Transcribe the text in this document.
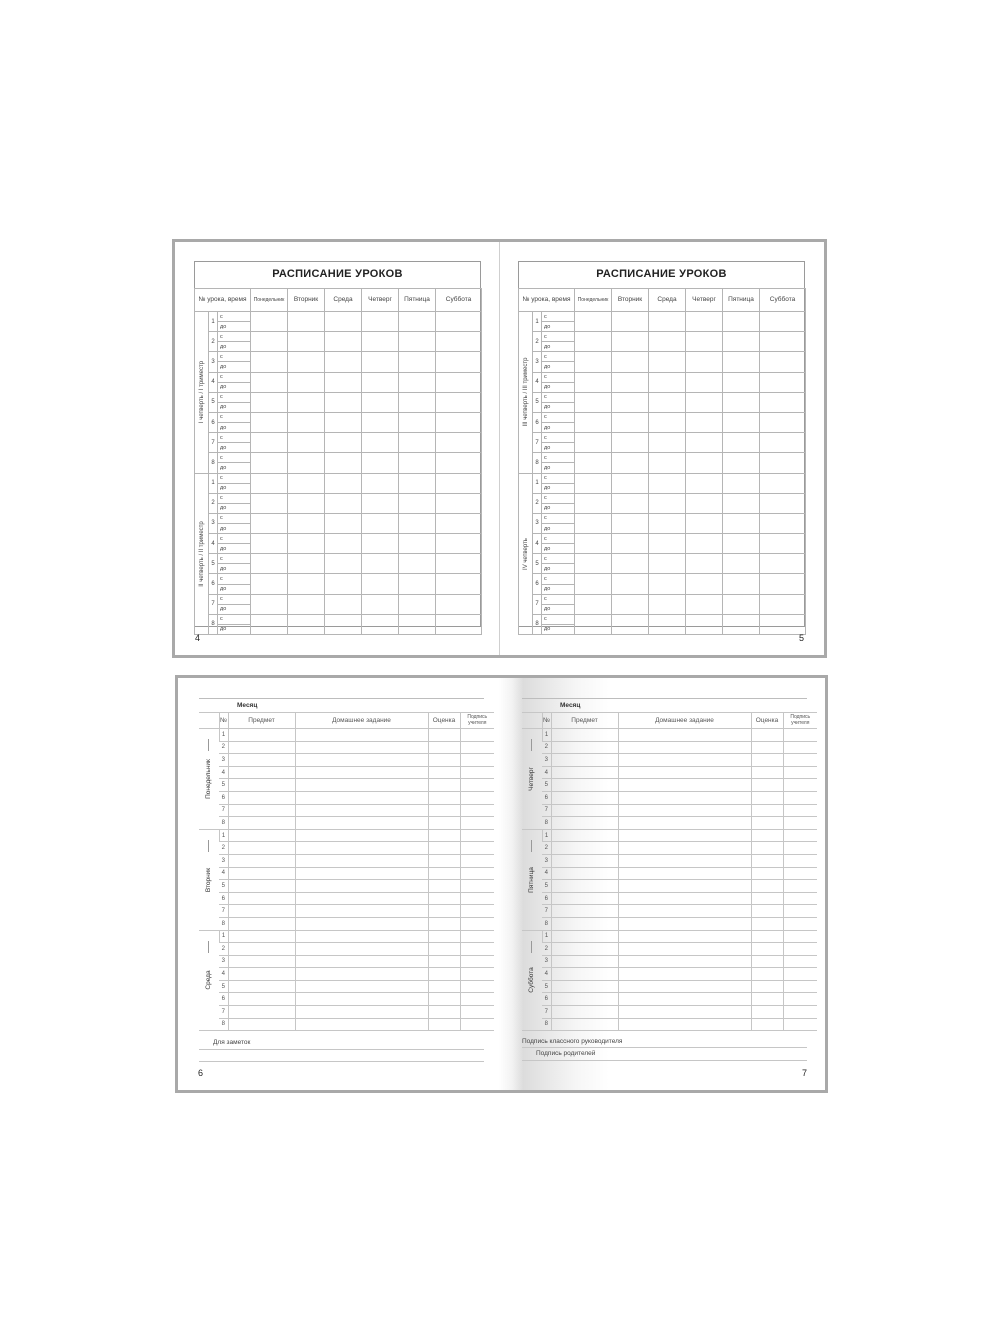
РАСПИСАНИЕ УРОКОВ
№ урока, время			Понедельник	Вторник	Среда	Четверг	Пятница	Суббота

I четверть / I триместр	1	с						
		до						
	2	с						
		до						
	3	с						
		до						
	4	с						
		до						
	5	с						
		до						
	6	с						
		до						
	7	с						
		до						
	8	с						
		до						

II четверть / II триместр	1	с						
		до						
	2	с						
		до						
	3	с						
		до						
	4	с						
		до						
	5	с						
		до						
	6	с						
		до						
	7	с						
		до						
	8	с						
		до						
4
РАСПИСАНИЕ УРОКОВ
№ урока, время			Понедельник	Вторник	Среда	Четверг	Пятница	Суббота

III четверть / III триместр	1	с						
		до						
	2	с						
		до						
	3	с						
		до						
	4	с						
		до						
	5	с						
		до						
	6	с						
		до						
	7	с						
		до						
	8	с						
		до						

IV четверть	1	с						
		до						
	2	с						
		до						
	3	с						
		до						
	4	с						
		до						
	5	с						
		до						
	6	с						
		до						
	7	с						
		до						
	8	с						
		до						
5
Месяц
	№	Предмет	Домашнее задание	Оценка	Подпись учителя

Понедельник	1				
	2				
	3				
	4				
	5				
	6				
	7				
	8				

Вторник	1				
	2				
	3				
	4				
	5				
	6				
	7				
	8				

Среда	1				
	2				
	3				
	4				
	5				
	6				
	7				
	8				
Для заметок
6
Месяц
	№	Предмет	Домашнее задание	Оценка	Подпись учителя

Четверг	1				
	2				
	3				
	4				
	5				
	6				
	7				
	8				

Пятница	1				
	2				
	3				
	4				
	5				
	6				
	7				
	8				

Суббота	1				
	2				
	3				
	4				
	5				
	6				
	7				
	8				
Подпись классного руководителя
Подпись родителей
7
